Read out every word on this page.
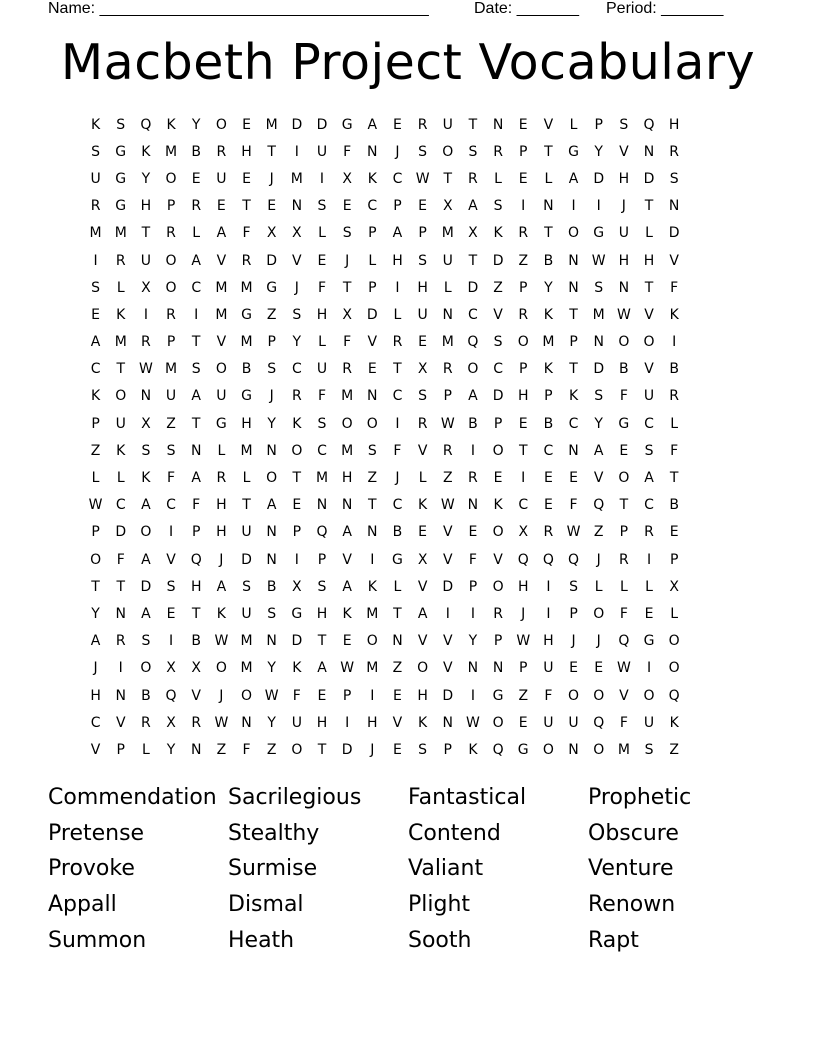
Name: _____________________________________	Date: _______ Period: _______
Macbeth Project Vocabulary
K	S	Q	K	Y	O	E	M D	D	G	A	E	R	U	T	N	E	V	L	P	S	Q	H
S	G	K	M	B	R	H	T	I	U	F	N	J	S	O	S	R	P	T	G	Y	V	N	R
U	G	Y	O	E	U	E	J	M	I	X	K	C W T	R	L	E	L	A	D	H	D	S
R	G	H	P	R	E	T	E	N	S	E	C	P	E	X	A	S	I	N	I	I	J	T	N
M M	T	R	L	A	F	X	X	L	S	P	A	P	M	X	K	R	T	O	G	U	L	D
I	R	U	O	A	V	R	D	V	E	J	L	H	S	U	T	D	Z	B	N W H	H	V
S	L	X	O	C	M M G	J	F	T	P	I	H	L	D	Z	P	Y	N	S	N	T	F
E	K	I	R	I	M G	Z	S	H	X	D	L	U	N	C	V	R	K	T	M W V	K
A	M	R	P	T	V	M	P	Y	L	F	V	R	E	M Q	S	O M	P	N	O	O	I
C	T W M	S	O	B	S	C	U	R	E	T	X	R	O	C	P	K	T	D	B	V	B
K	O	N	U	A	U	G	J	R	F	M N	C	S	P	A	D	H	P	K	S	F	U	R
P	U	X	Z	T	G	H	Y	K	S	O	O	I	R W B	P	E	B	C	Y	G	C	L
Z	K	S	S	N	L	M N	O	C	M	S	F	V	R	I	O	T	C	N	A	E	S	F
L	L	K	F	A	R	L	O	T	M H	Z	J	L	Z	R	E	I	E	E	V	O	A	T
W C	A	C	F	H	T	A	E	N	N	T	C	K W N	K	C	E	F	Q	T	C	B
P	D	O	I	P	H	U	N	P	Q	A	N	B	E	V	E	O	X	R W Z	P	R	E
O	F	A	V	Q	J	D	N	I	P	V	I	G	X	V	F	V	Q	Q	Q	J	R	I	P
T	T	D	S	H	A	S	B	X	S	A	K	L	V	D	P	O	H	I	S	L	L	L	X
Y	N	A	E	T	K	U	S	G	H	K	M	T	A	I	I	R	J	I	P	O	F	E	L
A	R	S	I	B W M N	D	T	E	O	N	V	V	Y	P	W H	J	J	Q	G	O
J	I	O	X	X	O M	Y	K	A W M	Z	O	V	N	N	P	U	E	E W	I	O
H	N	B	Q	V	J	O W	F	E	P	I	E	H	D	I	G	Z	F	O	O	V	O	Q
C	V	R	X	R W N	Y	U	H	I	H	V	K	N W O	E	U	U	Q	F	U	K
V	P	L	Y	N	Z	F	Z	O	T	D	J	E	S	P	K	Q	G	O	N	O M	S	Z
Commendation Sacrilegious	Fantastical	Prophetic
Pretense	Stealthy	Contend	Obscure
Provoke	Surmise	Valiant	Venture
Appall	Dismal	Plight	Renown
Summon	Heath	Sooth	Rapt
